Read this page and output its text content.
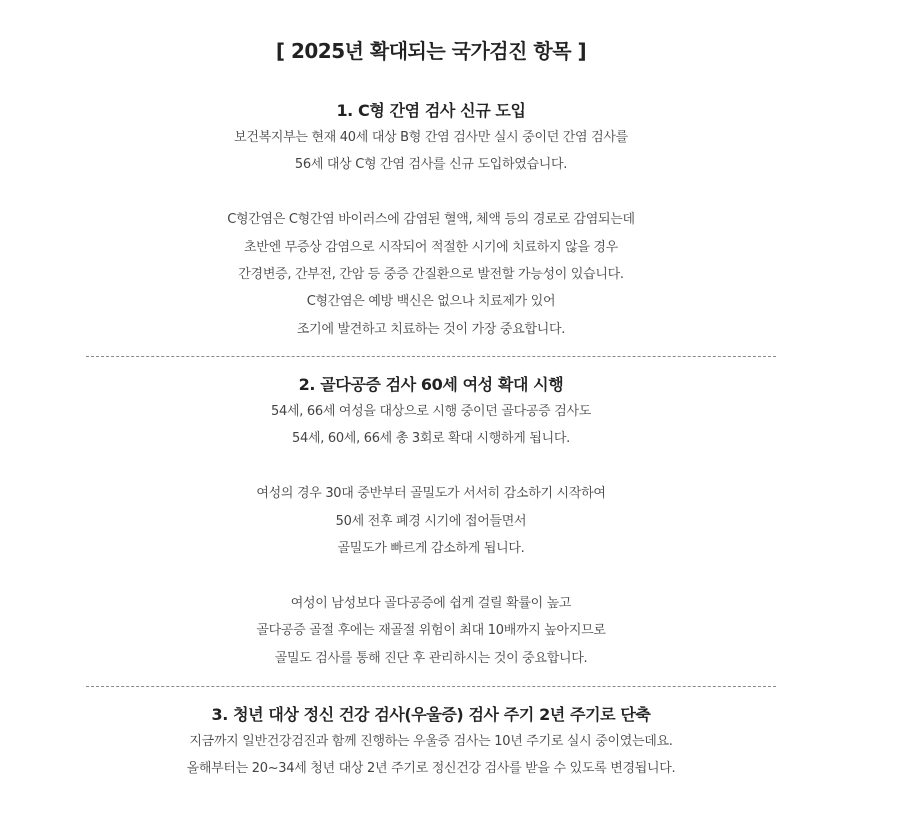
[ 2025년 확대되는 국가검진 항목 ]
1. C형 간염 검사 신규 도입
보건복지부는 현재 40세 대상 B형 간염 검사만 실시 중이던 간염 검사를
56세 대상 C형 간염 검사를 신규 도입하였습니다.
C형간염은 C형간염 바이러스에 감염된 혈액, 체액 등의 경로로 감염되는데
초반엔 무증상 감염으로 시작되어 적절한 시기에 치료하지 않을 경우
간경변증, 간부전, 간암 등 중증 간질환으로 발전할 가능성이 있습니다.
C형간염은 예방 백신은 없으나 치료제가 있어
조기에 발견하고 치료하는 것이 가장 중요합니다.
2. 골다공증 검사 60세 여성 확대 시행
54세, 66세 여성을 대상으로 시행 중이던 골다공증 검사도
54세, 60세, 66세 총 3회로 확대 시행하게 됩니다.
여성의 경우 30대 중반부터 골밀도가 서서히 감소하기 시작하여
50세 전후 폐경 시기에 접어들면서
골밀도가 빠르게 감소하게 됩니다.
여성이 남성보다 골다공증에 쉽게 걸릴 확률이 높고
골다공증 골절 후에는 재골절 위험이 최대 10배까지 높아지므로
골밀도 검사를 통해 진단 후 관리하시는 것이 중요합니다.
3. 청년 대상 정신 건강 검사(우울증) 검사 주기 2년 주기로 단축
지금까지 일반건강검진과 함께 진행하는 우울증 검사는 10년 주기로 실시 중이였는데요.
올해부터는 20~34세 청년 대상 2년 주기로 정신건강 검사를 받을 수 있도록 변경됩니다.
